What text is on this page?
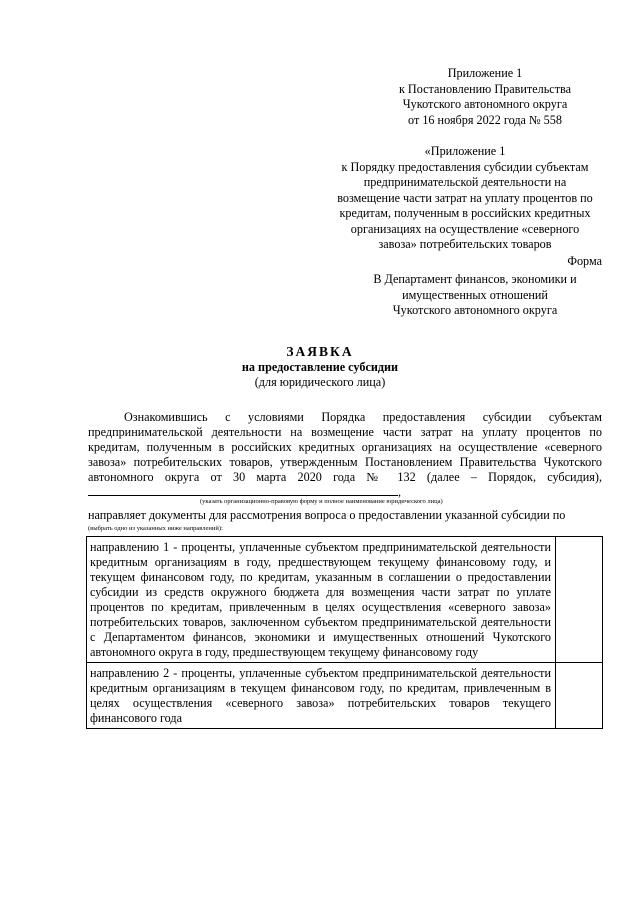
Приложение 1
к Постановлению Правительства
Чукотского автономного округа
от 16 ноября 2022 года № 558
«Приложение 1
к Порядку предоставления субсидии субъектам
предпринимательской деятельности на
возмещение части затрат на уплату процентов по
кредитам, полученным в российских кредитных
организациях на осуществление «северного
завоза» потребительских товаров
Форма
В Департамент финансов, экономики и
имущественных отношений
Чукотского автономного округа
ЗАЯВКА
на предоставление субсидии
(для юридического лица)

Ознакомившись с условиями Порядка предоставления субсидии субъектам предпринимательской деятельности на возмещение части затрат на уплату процентов по кредитам, полученным в российских кредитных организациях на осуществление «северного завоза» потребительских товаров, утвержденным Постановлением Правительства Чукотского автономного округа от 30 марта 2020 года № 132 (далее – Порядок, субсидия), ,

(указать организационно-правовую форму и полное наименование юридического лица)
направляет документы для рассмотрения вопроса о предоставлении указанной субсидии по
(выбрать одно из указанных ниже направлений):
направлению 1 - проценты, уплаченные субъектом предпринимательской деятельности кредитным организациям в году, предшествующем текущему финансовому году, и текущем финансовом году, по кредитам, указанным в соглашении о предоставлении субсидии из средств окружного бюджета для возмещения части затрат по уплате процентов по кредитам, привлеченным в целях осуществления «северного завоза» потребительских товаров, заключенном субъектом предпринимательской деятельности с Департаментом финансов, экономики и имущественных отношений Чукотского автономного округа в году, предшествующем текущему финансовому году	
направлению 2 - проценты, уплаченные субъектом предпринимательской деятельности кредитным организациям в текущем финансовом году, по кредитам, привлеченным в целях осуществления «северного завоза» потребительских товаров текущего финансового года	
